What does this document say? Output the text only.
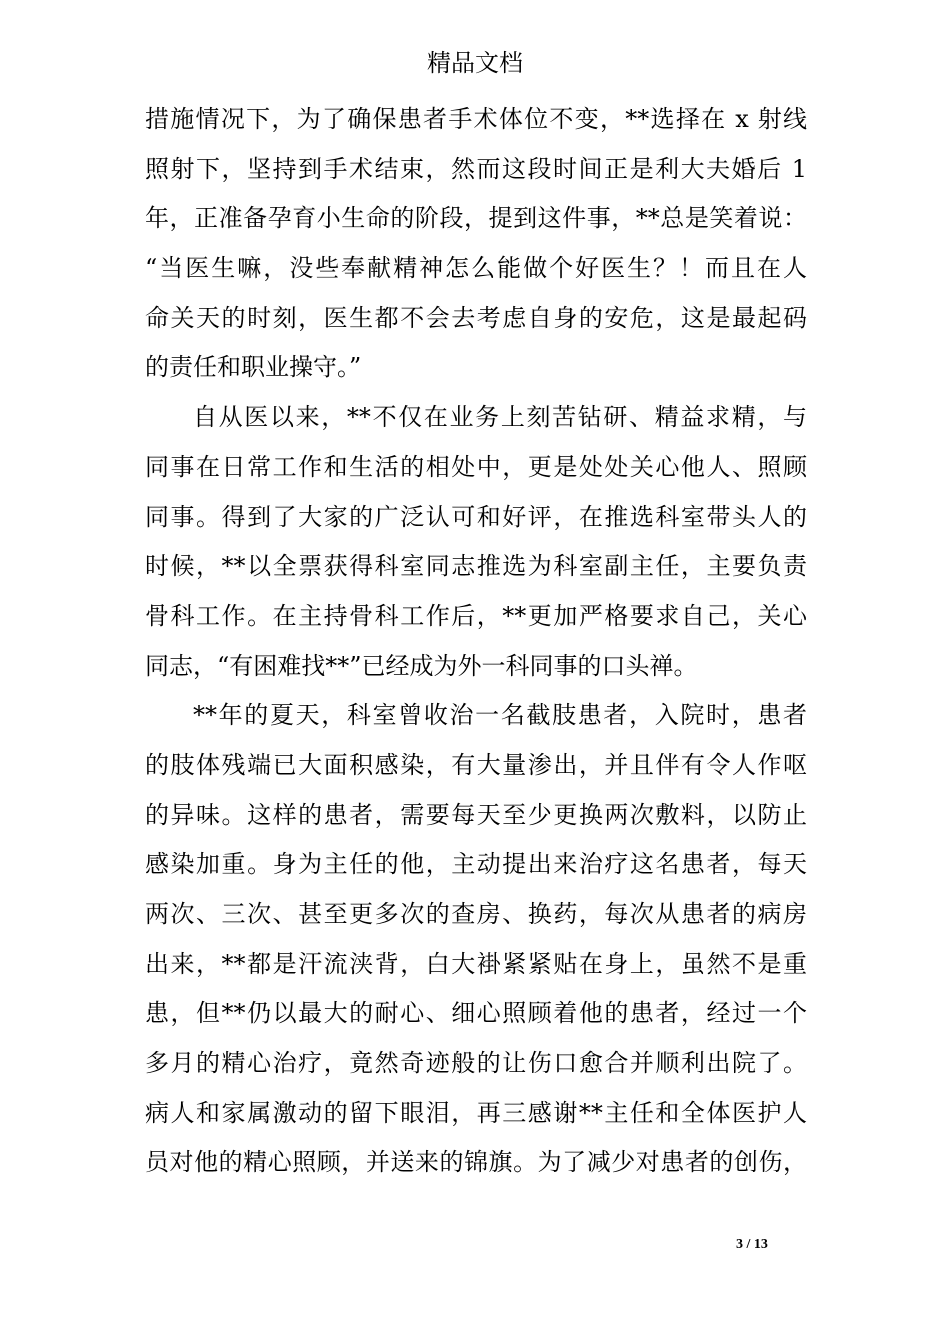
精品文档
措施情况下，为了确保患者手术体位不变，**选择在 x 射线
照射下，坚持到手术结束，然而这段时间正是利大夫婚后 1
年，正准备孕育小生命的阶段，提到这件事，**总是笑着说：
“当医生嘛，没些奉献精神怎么能做个好医生？！而且在人
命关天的时刻，医生都不会去考虑自身的安危，这是最起码
的责任和职业操守。”
自从医以来，**不仅在业务上刻苦钻研、精益求精，与
同事在日常工作和生活的相处中，更是处处关心他人、照顾
同事。得到了大家的广泛认可和好评，在推选科室带头人的
时候，**以全票获得科室同志推选为科室副主任，主要负责
骨科工作。在主持骨科工作后，**更加严格要求自己，关心
同志，“有困难找**”已经成为外一科同事的口头禅。
**年的夏天，科室曾收治一名截肢患者，入院时，患者
的肢体残端已大面积感染，有大量渗出，并且伴有令人作呕
的异味。这样的患者，需要每天至少更换两次敷料，以防止
感染加重。身为主任的他，主动提出来治疗这名患者，每天
两次、三次、甚至更多次的查房、换药，每次从患者的病房
出来，**都是汗流浃背，白大褂紧紧贴在身上，虽然不是重
患，但**仍以最大的耐心、细心照顾着他的患者，经过一个
多月的精心治疗，竟然奇迹般的让伤口愈合并顺利出院了。
病人和家属激动的留下眼泪，再三感谢**主任和全体医护人
员对他的精心照顾，并送来的锦旗。为了减少对患者的创伤，
3 / 13
